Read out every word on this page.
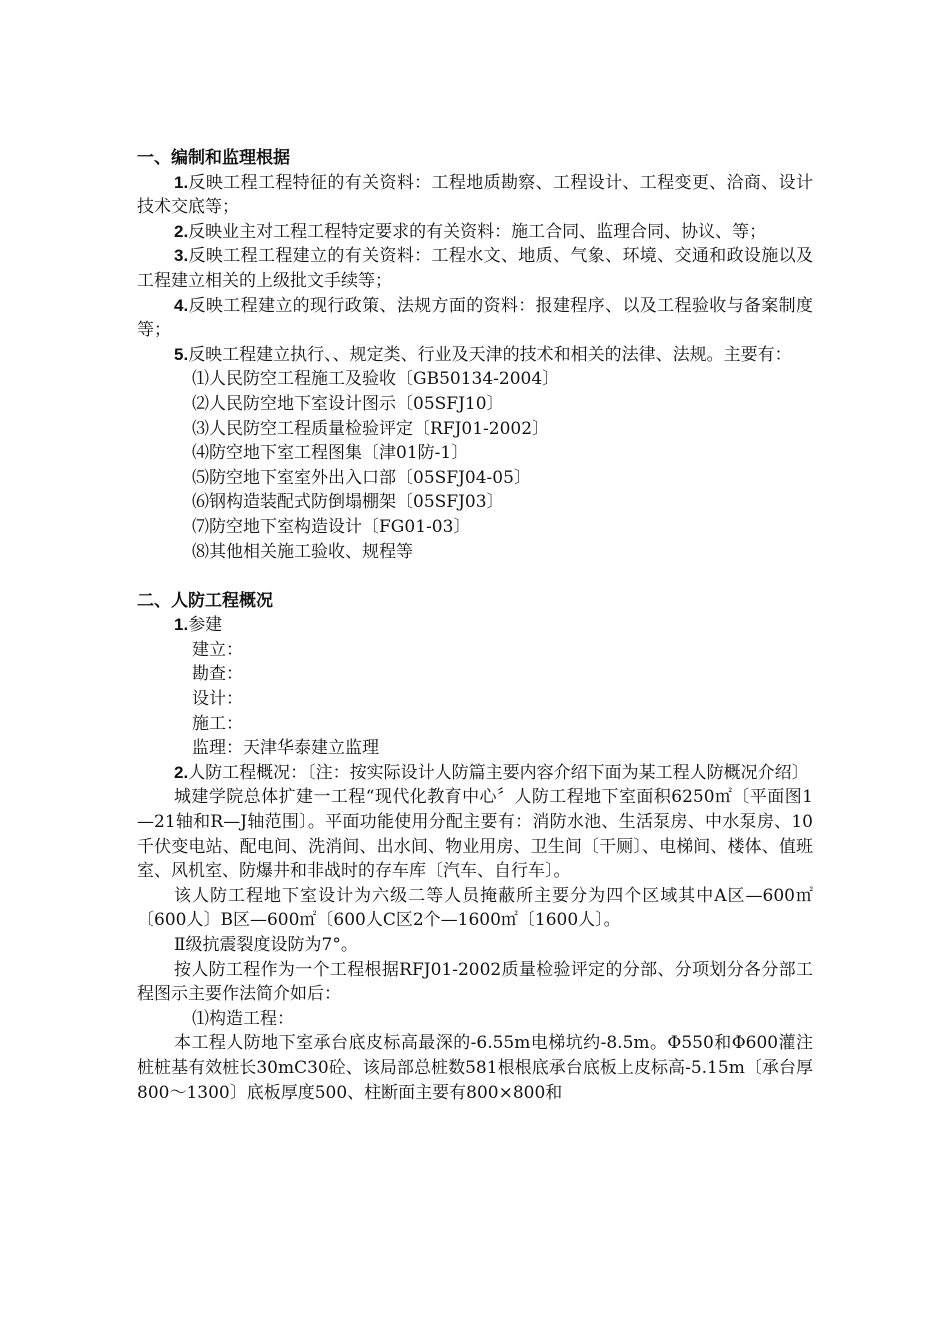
一、编制和监理根据

1.反映工程工程特征的有关资料：工程地质勘察、工程设计、工程变更、洽商、设计技术交底等；

2.反映业主对工程工程特定要求的有关资料：施工合同、监理合同、协议、等；

3.反映工程工程建立的有关资料：工程水文、地质、气象、环境、交通和政设施以及工程建立相关的上级批文手续等；

4.反映工程建立的现行政策、法规方面的资料：报建程序、以及工程验收与备案制度等；

5.反映工程建立执行、、规定类、行业及天津的技术和相关的法律、法规。主要有：

⑴人民防空工程施工及验收〔GB50134-2004〕

⑵人民防空地下室设计图示〔05SFJ10〕

⑶人民防空工程质量检验评定〔RFJ01-2002〕

⑷防空地下室工程图集〔津01防-1〕

⑸防空地下室室外出入口部〔05SFJ04-05〕

⑹钢构造装配式防倒塌棚架〔05SFJ03〕

⑺防空地下室构造设计〔FG01-03〕

⑻其他相关施工验收、规程等

二、人防工程概况

1.参建

建立：

勘查：

设计：

施工：

监理：天津华泰建立监理

2.人防工程概况：〔注：按实际设计人防篇主要内容介绍下面为某工程人防概况介绍〕

城建学院总体扩建一工程“现代化教育中心〞人防工程地下室面积6250㎡〔平面图1—21轴和R—J轴范围〕。平面功能使用分配主要有：消防水池、生活泵房、中水泵房、10千伏变电站、配电间、洗消间、出水间、物业用房、卫生间〔干厕〕、电梯间、楼体、值班室、风机室、防爆井和非战时的存车库〔汽车、自行车〕。

该人防工程地下室设计为六级二等人员掩蔽所主要分为四个区域其中A区—600㎡〔600人〕B区—600㎡〔600人C区2个—1600㎡〔1600人〕。

Ⅱ级抗震裂度设防为7°。

按人防工程作为一个工程根据RFJ01-2002质量检验评定的分部、分项划分各分部工程图示主要作法简介如后：

⑴构造工程：

本工程人防地下室承台底皮标高最深的-6.55m电梯坑约-8.5m。Φ550和Φ600灌注桩桩基有效桩长30mC30砼、该局部总桩数581根根底承台底板上皮标高-5.15m〔承台厚800～1300〕底板厚度500、柱断面主要有800×800和
